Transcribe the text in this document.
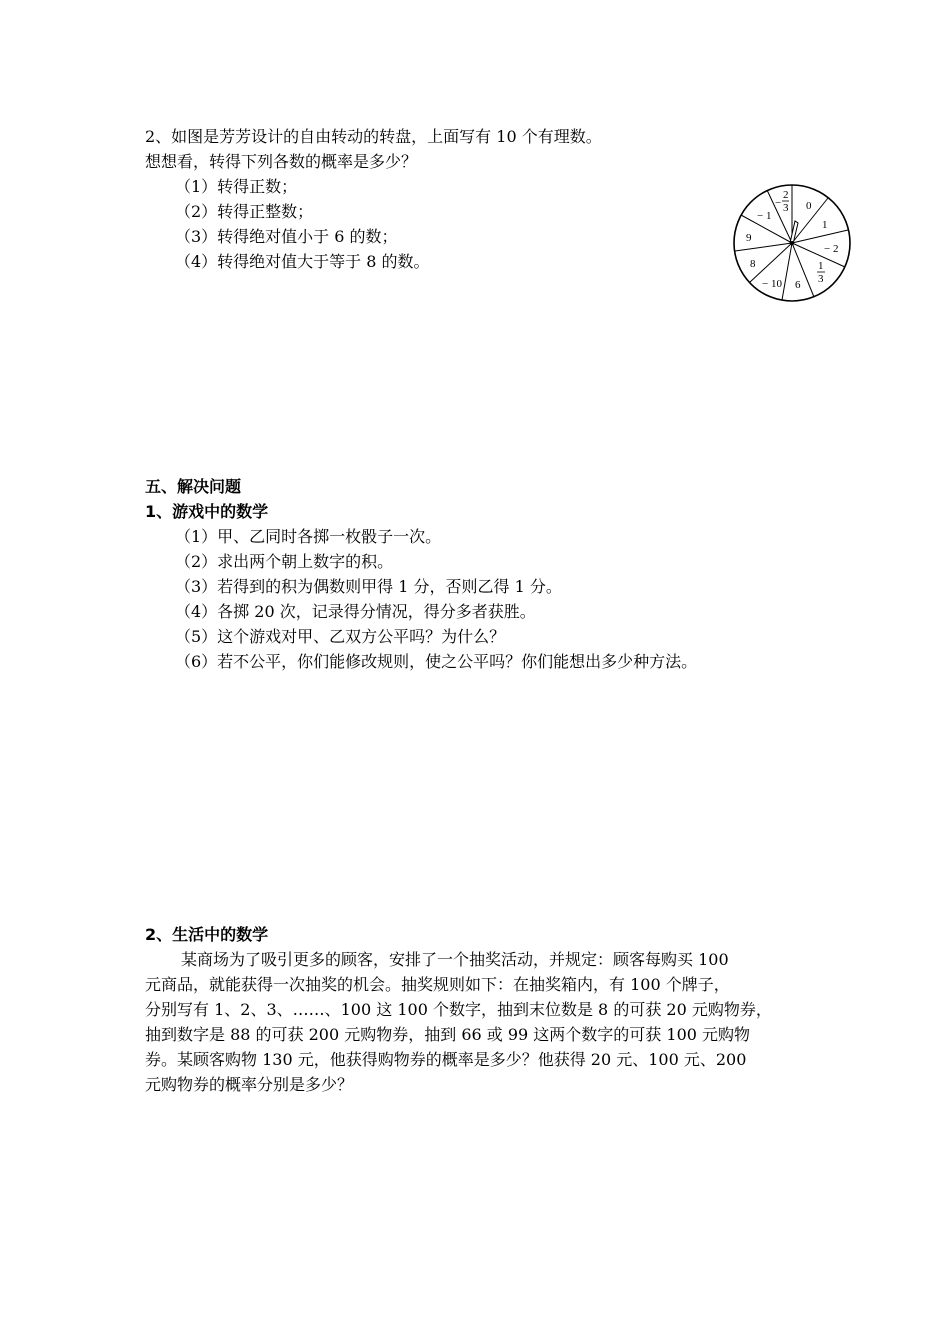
2、如图是芳芳设计的自由转动的转盘，上面写有 10 个有理数。
想想看，转得下列各数的概率是多少？
（1）转得正数；
（2）转得正整数；
（3）转得绝对值小于 6 的数；
（4）转得绝对值大于等于 8 的数。
−
2
3 0
1
− 2
1
3
6
− 10
8
9
− 1
五、解决问题
1、游戏中的数学
（1）甲、乙同时各掷一枚骰子一次。
（2）求出两个朝上数字的积。
（3）若得到的积为偶数则甲得 1 分，否则乙得 1 分。
（4）各掷 20 次，记录得分情况，得分多者获胜。
（5）这个游戏对甲、乙双方公平吗？为什么？
（6）若不公平，你们能修改规则，使之公平吗？你们能想出多少种方法。
2、生活中的数学
某商场为了吸引更多的顾客，安排了一个抽奖活动，并规定：顾客每购买 100
元商品，就能获得一次抽奖的机会。抽奖规则如下：在抽奖箱内，有 100 个牌子，
分别写有 1、2、3、……、100 这 100 个数字，抽到末位数是 8 的可获 20 元购物券，
抽到数字是 88 的可获 200 元购物券，抽到 66 或 99 这两个数字的可获 100 元购物
券。某顾客购物 130 元，他获得购物券的概率是多少？他获得 20 元、100 元、200
元购物券的概率分别是多少？
